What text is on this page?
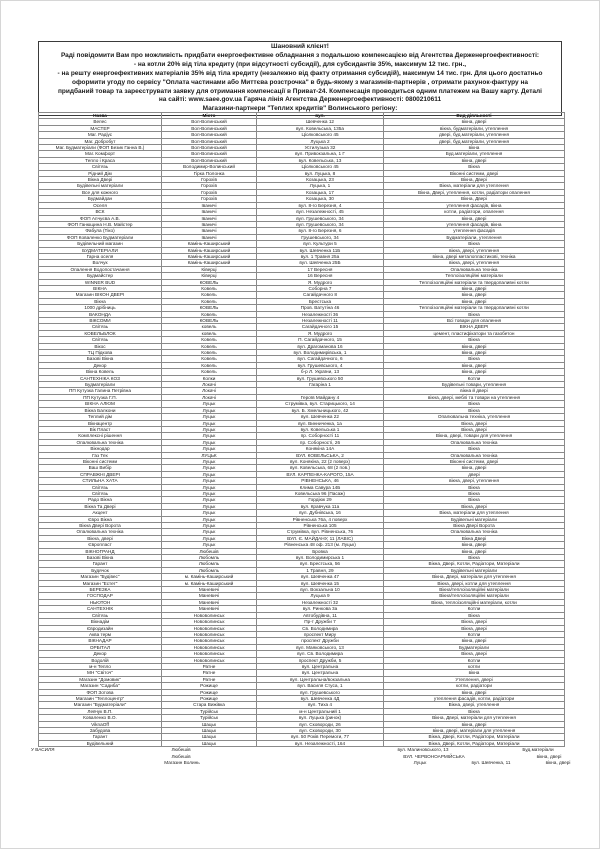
Шановний клієнт!
Раді повідомити Вам про можливість придбати енергоефективне обладнання з подальшою компенсацією від Агентства Держенергоефективності:
- на котли 20% від тіла кредиту (при відсутності субсидії), для субсидантів 35%, максимум 12 тис. грн.,
- на решту енергоефективних матеріалів 35% від тіла кредиту (незалежно від факту отримання субсидій), максимум 14 тис. грн. Для цього достатньо
оформити угоду по сервісу "Оплата частинами або Миттєва розстрочка" в будь-якому з магазинів-партнерів , отримати рахунок-фактуру на
придбаний товар та зареєструвати заявку для отримання компенсації в Приват-24. Компенсація проводиться одним платежем на Вашу карту. Деталі
на сайті: www.saee.gov.ua Гаряча лінія Агентства Держенергоефективності: 0800210611
Магазини-партнери "Теплих кредитів" Волинського регіону:
Назва	Місто	вул.	Вид діяльності
Велес	Вол-Волинський	Шевченка 12	вікна, двері
МАСТЕР	Вол-Волинський	вул. Ковельська, 135а	вікна, будматеріали, утеплення
Маг. Радіус	Вол-Волинський	Ціолковського 45	двері, буд.матеріали, утеплення
Маг. Добробут	Вол-Волинський	Луцька 2	двері, буд.матеріали, утеплення
Маг. Будматеріали (ФОП Безик Ганна В.)	Вол-Волинський	Устилузька 32	вікна
Маг. Комфорт	Вол-Волинський	вул. Привокзальна, 1 Г	Буд.матеріали, утеплення
Тепло і Краса	Вол-Волинський	вул. Ковельська, 13	вікна, двері
Світязь	Володимир-Волинський	Ціолковського 45	Вікна
Рідний Дім	Гірка Полонка	вул. Луцька, 8	Віконні системи, двері
Вікна Двері	Горохів	Козацька, 23	Вікна, Двері
Будівельні матеріали	Горохів	Луцька, 1	Вікна, матеріали для утеплення
Все для кожного	Горохів	Козацька, 17	Вікна, Двері, утеплення, котли, радіатори опалення
Будмайдан	Горохів	Козацька, 30	Вікна, Двері
Оселя	Іваничі	вул. 8-го Березня, 4	утеплення фасадів, вікна
ВСК	Іваничі	вул. Незалежності, 45	котли, радіатори, опалення
ФОП Апчуєва А.В.	Іваничі	вул. Грушевського, 34	вікна, двері
ФОП Ганющина Н.В. Майстер	Іваничі	вул. Грушевського, 34	утеплення фасадів, вікна
Фабула (Тіко)	Іваничі	вул. 8-го Березня, 6	утеплення фасадів
ФОП Коваленко Будматеріали	Іваничі	Грушевського, 34	Будматеріали, утеплення
Будівельний магазин	Камінь-Каширський	вул. Культури 5	Вікна
БУДМАТЕРІАЛИ	Камінь-Каширський	вул. Шевченка 11Б	вікна, двері, утеплення
Гарна оселя	Камінь-Каширський	вул. 1 Травня 25а	вікна, двері металопластикові, техніка
Волчук	Камінь-Каширський	вул. Шевченка 25Б	вікна, двері, утеплення
Опалення Водопостачання	Ківерці	17 Вересня	Опалювальна техніка
Будмайстер	Ківерці	16 Вересня	Теплоізоляційні матеріали
WINNER BUD	КОВЕЛЬ	Я. Мудрого	Теплоізоляційні матеріали та твердопаливні котли
ВІКНА	Ковель	Соборна 7	вікна, двері
Магазин ВІКОН ДВЕРІ	Ковель	Сагайдачного 8	вікна, двері
Вікна	Ковель	Брестська	вікна, двері
1000 дрібниць	КОВЕЛЬ	Пров. Ватутіна 46	Теплоізоляційні матеріали та твердопаливні котли
ВАКОНДА	Ковель	Незалежності 36	Вікна
ВІКСОМИ	КОВЕЛЬ	Незалежності 11	Всі товари для опалення
Світязь	ковель	Сагайдачного 15	ВІКНА ДВЕРІ
КОВЕЛЬБЛОК	ковель	Я. Мудрого	цемент, пластифікатори та газобетон
Світязь	Ковель	П. Сагайдачного, 15	Вікна
Вікос	Ковель	вул. Драгоманова 16	вікна, двері
ТЦ Підкова	Ковель	вул. Володимирівська, 1	вікна, двері
Базові Вікна	Ковель	вул. Сагайдачного, 6	Вікна
Декор	Ковель	вул. Грушевського, 4	вікна, двері
Вікна Ковель	Ковель	б-р Л. України, 13	вікна, двері
САНТЕХНІКА КОЗ	Колки	вул. Грушевського 50	Котли
Будматеріали	Локачі	Гагаріна 1	Будівельні товари, утеплення
ПП Кутузка Галина Петрівна	Локачі		вікна й двері
ПП Кутузка Г.П.	Локачі	Героїв Майдану 4	вікна, двері, меблі та товари на утеплення
ВІКНА АЛЮМ	Луцьк	Струмівка, вул. Старицького, 14	Вікна
Вікна Балкони	Луцьк	вул. Б. Хмельницького, 42	Вікна
Теплий дім	Луцьк	вул. Шевченка 22	Опалювальна техніка, утеплення
Вікнацентр	Луцьк	вул. Винниченка, 1а	Вікна, двері
Вік Пласт	Луцьк	вул. Ковельська 1	Вікна, двері
Комплексні рішення	Луцьк	пр. Соборності 11	Вікна, двері, товари для утеплення
Опалювальна техніка	Луцьк	пр. Соборності, 26	Опалювальна техніка
Вікнодар	Луцьк	Конякіна 14А	Вікна
Газ Тех	ЛУЦЬК	ВУЛ. КОВЕЛЬСЬКА, 2	Опалювальна техніка
Віконні системи	Луцьк	вул. Конякіна, 22 (2 поверх)	Віконні системи, двері
Ваш Вибір	Луцьк	вул. Ковельська, 68 (2 пов.)	вікна, двері
СПРАВЖНІ ДВЕРІ	Луцьк	ВУЛ. КАРПЕНКА-КАРОГО, 15А	двері
СТИЛЬНА ХАТА	Луцьк	РІВНЕНСЬКА, 46	вікна, двері, утеплення
Світязь	Луцьк	Клима Савура 14Б	Вікна
Світязь	Луцьк	Ковельська 96 (Пасаж)	Вікна
Радо Вікна	Луцьк	Гордіюк 29	Вікна
Вікна Та Двері	Луцьк	вул. Кравчука 11а	Вікна, двері
Акцент	Луцьк	вул. Дубнівська, 16	Вікна, матеріали для утеплення
Євро Вікна	Луцьк	Рівненська 76а, 4 поверх	Будівельні матеріали
Вікна Двері Ворота	Луцьк	Рівненська 105	Вікна Двері Ворота
Опалювальна техніка	Луцьк	Струмівка, вул. Рівненська, 76	Опалювальна техніка
Вікна, двері	Луцьк	ВУЛ. Є. МАЙДАНУ, 11 (ЛАВІС)	Вікна Двері
Європласт	Луцьк	Рівненська 48 оф. 213 (м. Луцьк)	вікна, двері
ВІКНОГРАНД	Любешів	Бровка	вікна, двері
Базові Вікна	Любомль	вул. Володимирська 1	Вікна
Гарант	Любомль	вул. Брестська, 56	Вікна, Двері, Котли, Радіатори, Матеріали
Будячок	Любомль	1 Травня, 29	Будівельні матеріали
Магазин "Будівес"	м. Камінь-Каширський	вул. Шевченка 47	Вікна, Двері, матеріали для утеплення
Магазин "Естет"	м. Камінь-Каширський	вул. Шевченка 15	Вікна, двері, котли для утеплення
БЕРЕЗКА	Маневичі	вул. Вокзальна 10	Вікна/теплоізоляційні матеріали
ГОСПОДАР	Маневичі	Луцька 9	Вікна/теплоізоляційні матеріали
НЬЮТОН	Маневичі	Незалежності 32	Вікна, теплоізоляційні матеріали, котли
САНТЕХНІК	Маневичі	вул. Ринкова 3а	Котли
Світязь	Нововолинськ	Автобудівна, 11	Вікна
Вікнадім	Нововолинськ	Пр-т Дружби 7	Вікна, двері
Євродизайн	Нововолинськ	Св. Володимира	Вікна, двері
Аква терм	Нововолинськ	проспект Миру	Котли
ВІКНАДАР	Нововолинськ	проспект Дружби	вікна, двері
ОРБІТАЛ	Нововолинськ	вул. Маяковського, 13	Будматеріали
Декор	Нововолинськ	вул. Св. Володимира	Вікна, двері
Водолій	Нововолинськ	проспект Дружби, 5	Котли
м-н Тепло	Ратне	вул. Центральна	котли
МН "Світоч"	Ратне	вул. Центральна	вікна
Магазин "Домовик"	Ратне	вул. Центральна/вокзальна	Утеплення, двері
Магазин "Садиба"	Рожище	вул. Василя Стуса, 1	котли, радіатори
ФОП Зотова	Рожище	вул. Грушевського	вікна, двері
Магазин "Теплоцентр"	Рожище	вул. Шевченка 4Д	утеплення фасадів, котли, радіатори
Магазин "Будматеріали"	Стара Вижівка	вул. Тиха 4	Вікна, двері, утеплення
Левчук В.П.	Турійськ	м-н Центральний 1	Вікна
Коваленко В.О.	Турійськ	вул. Луцька (ринок)	Вікна, Двері, матеріали для утеплення
ViknaOff	Шацьк	вул. Сковороди, 26	вікна, двері
Забудова	Шацьк	вул. Сковороди, 30	вікна, двері, матеріали для утеплення
Гарант	Шацьк	вул. 50 Років Перемоги, 77	Вікна, Двері, Котли, Радіатори, Матеріали
Будівельний	Шацьк	вул. Незалежності, 164	Вікна, Двері, Котли, Радіатори, Матеріали
У ВАСИЛЯ	Любешів	вул. Малиновського, 13	Буд.матеріали
Любешів	ВУЛ. ЧЕРВОНОАРМІЙСЬКА	вікна, двері
Магазин Волинь	Луцьк	вул. Шевченка, 11	вікна, двері
